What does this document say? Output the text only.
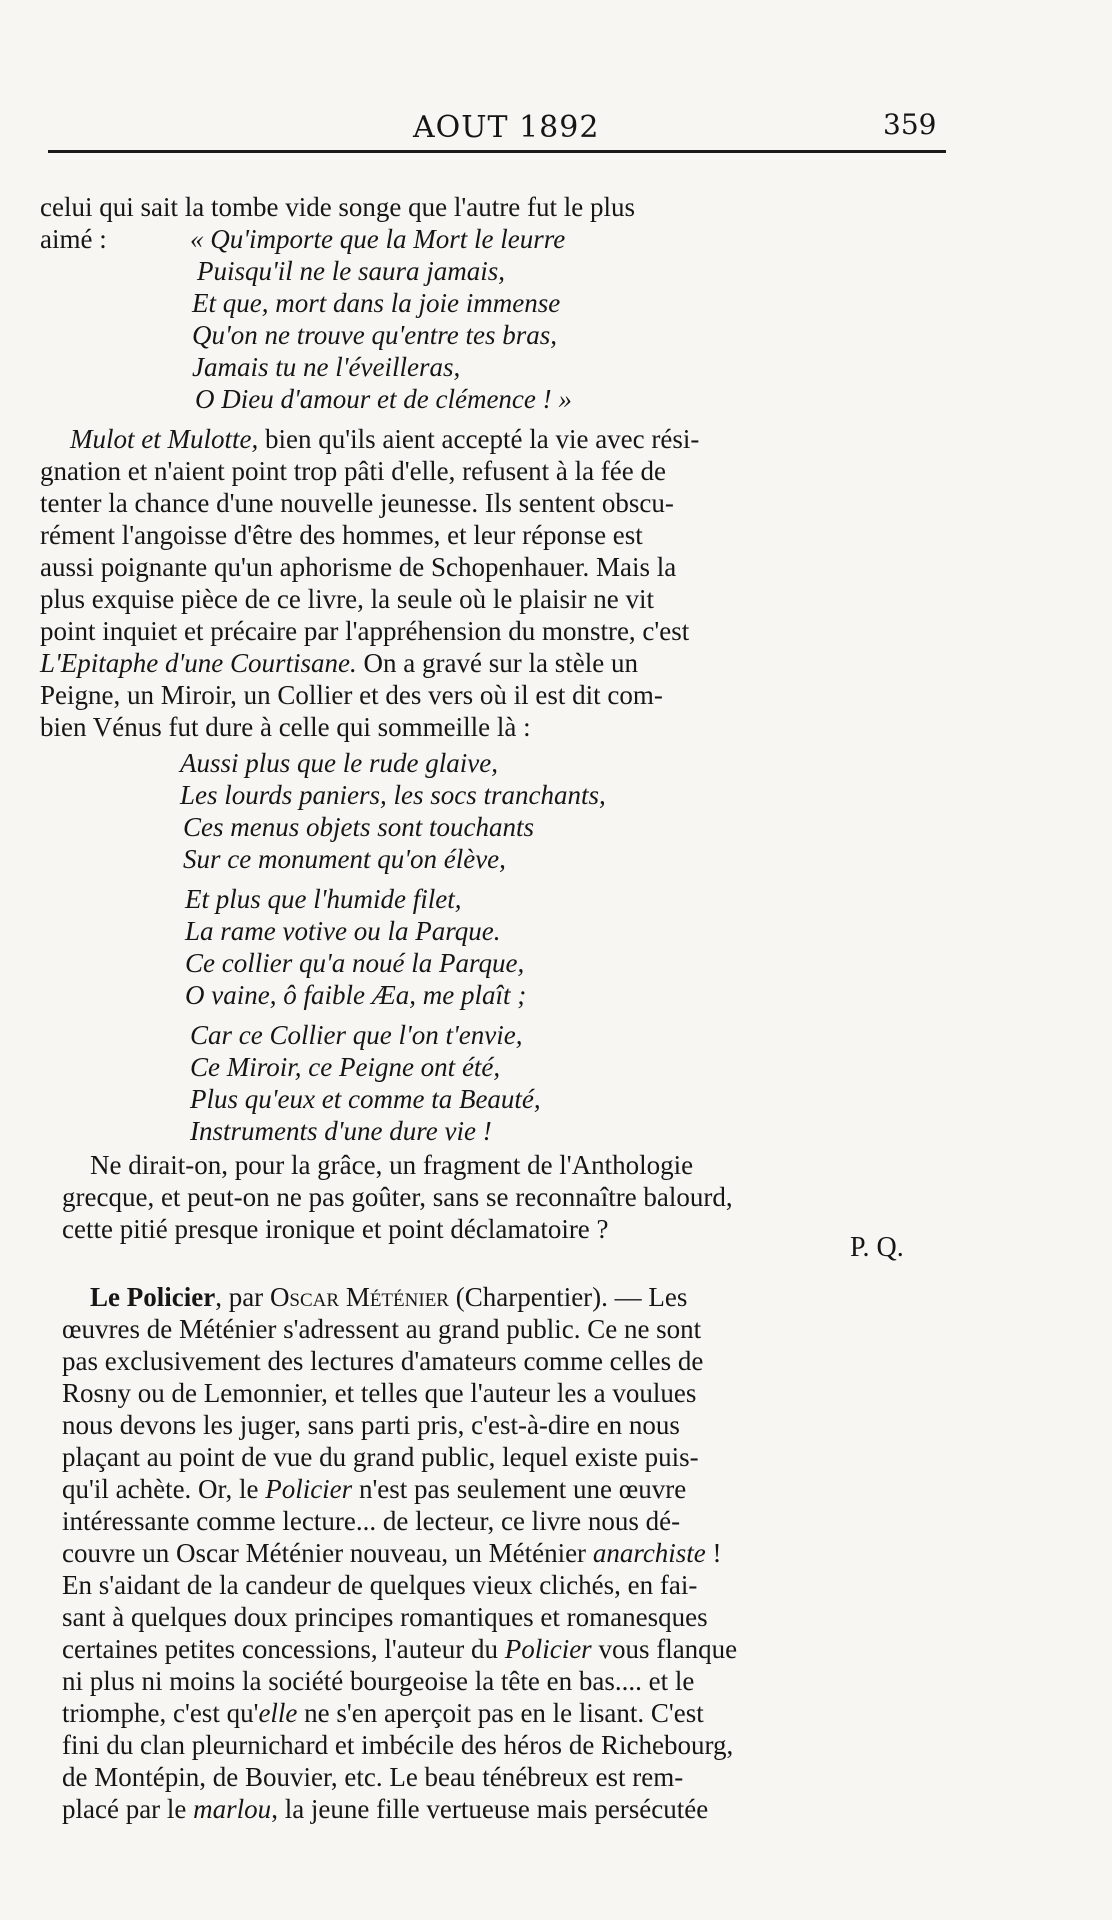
AOUT 1892	359
celui qui sait la tombe vide songe que l'autre fut le plus
aimé :	« Qu'importe que la Mort le leurre
Puisqu'il ne le saura jamais,
Et que, mort dans la joie immense
Qu'on ne trouve qu'entre tes bras,
Jamais tu ne l'éveilleras,
O Dieu d'amour et de clémence ! »
Mulot et Mulotte, bien qu'ils aient accepté la vie avec rési-
gnation et n'aient point trop pâti d'elle, refusent à la fée de
tenter la chance d'une nouvelle jeunesse. Ils sentent obscu-
rément l'angoisse d'être des hommes, et leur réponse est
aussi poignante qu'un aphorisme de Schopenhauer. Mais la
plus exquise pièce de ce livre, la seule où le plaisir ne vit
point inquiet et précaire par l'appréhension du monstre, c'est
L'Epitaphe d'une Courtisane. On a gravé sur la stèle un
Peigne, un Miroir, un Collier et des vers où il est dit com-
bien Vénus fut dure à celle qui sommeille là :
Aussi plus que le rude glaive,
Les lourds paniers, les socs tranchants,
Ces menus objets sont touchants
Sur ce monument qu'on élève,
Et plus que l'humide filet,
La rame votive ou la Parque.
Ce collier qu'a noué la Parque,
O vaine, ô faible Æa, me plaît ;
Car ce Collier que l'on t'envie,
Ce Miroir, ce Peigne ont été,
Plus qu'eux et comme ta Beauté,
Instruments d'une dure vie !
Ne dirait-on, pour la grâce, un fragment de l'Anthologie
grecque, et peut-on ne pas goûter, sans se reconnaître balourd,
cette pitié presque ironique et point déclamatoire ?
P. Q.
Le Policier, par Oscar Méténier (Charpentier). — Les
œuvres de Méténier s'adressent au grand public. Ce ne sont
pas exclusivement des lectures d'amateurs comme celles de
Rosny ou de Lemonnier, et telles que l'auteur les a voulues
nous devons les juger, sans parti pris, c'est-à-dire en nous
plaçant au point de vue du grand public, lequel existe puis-
qu'il achète. Or, le Policier n'est pas seulement une œuvre
intéressante comme lecture... de lecteur, ce livre nous dé-
couvre un Oscar Méténier nouveau, un Méténier anarchiste !
En s'aidant de la candeur de quelques vieux clichés, en fai-
sant à quelques doux principes romantiques et romanesques
certaines petites concessions, l'auteur du Policier vous flanque
ni plus ni moins la société bourgeoise la tête en bas.... et le
triomphe, c'est qu'elle ne s'en aperçoit pas en le lisant. C'est
fini du clan pleurnichard et imbécile des héros de Richebourg,
de Montépin, de Bouvier, etc. Le beau ténébreux est rem-
placé par le marlou, la jeune fille vertueuse mais persécutée
